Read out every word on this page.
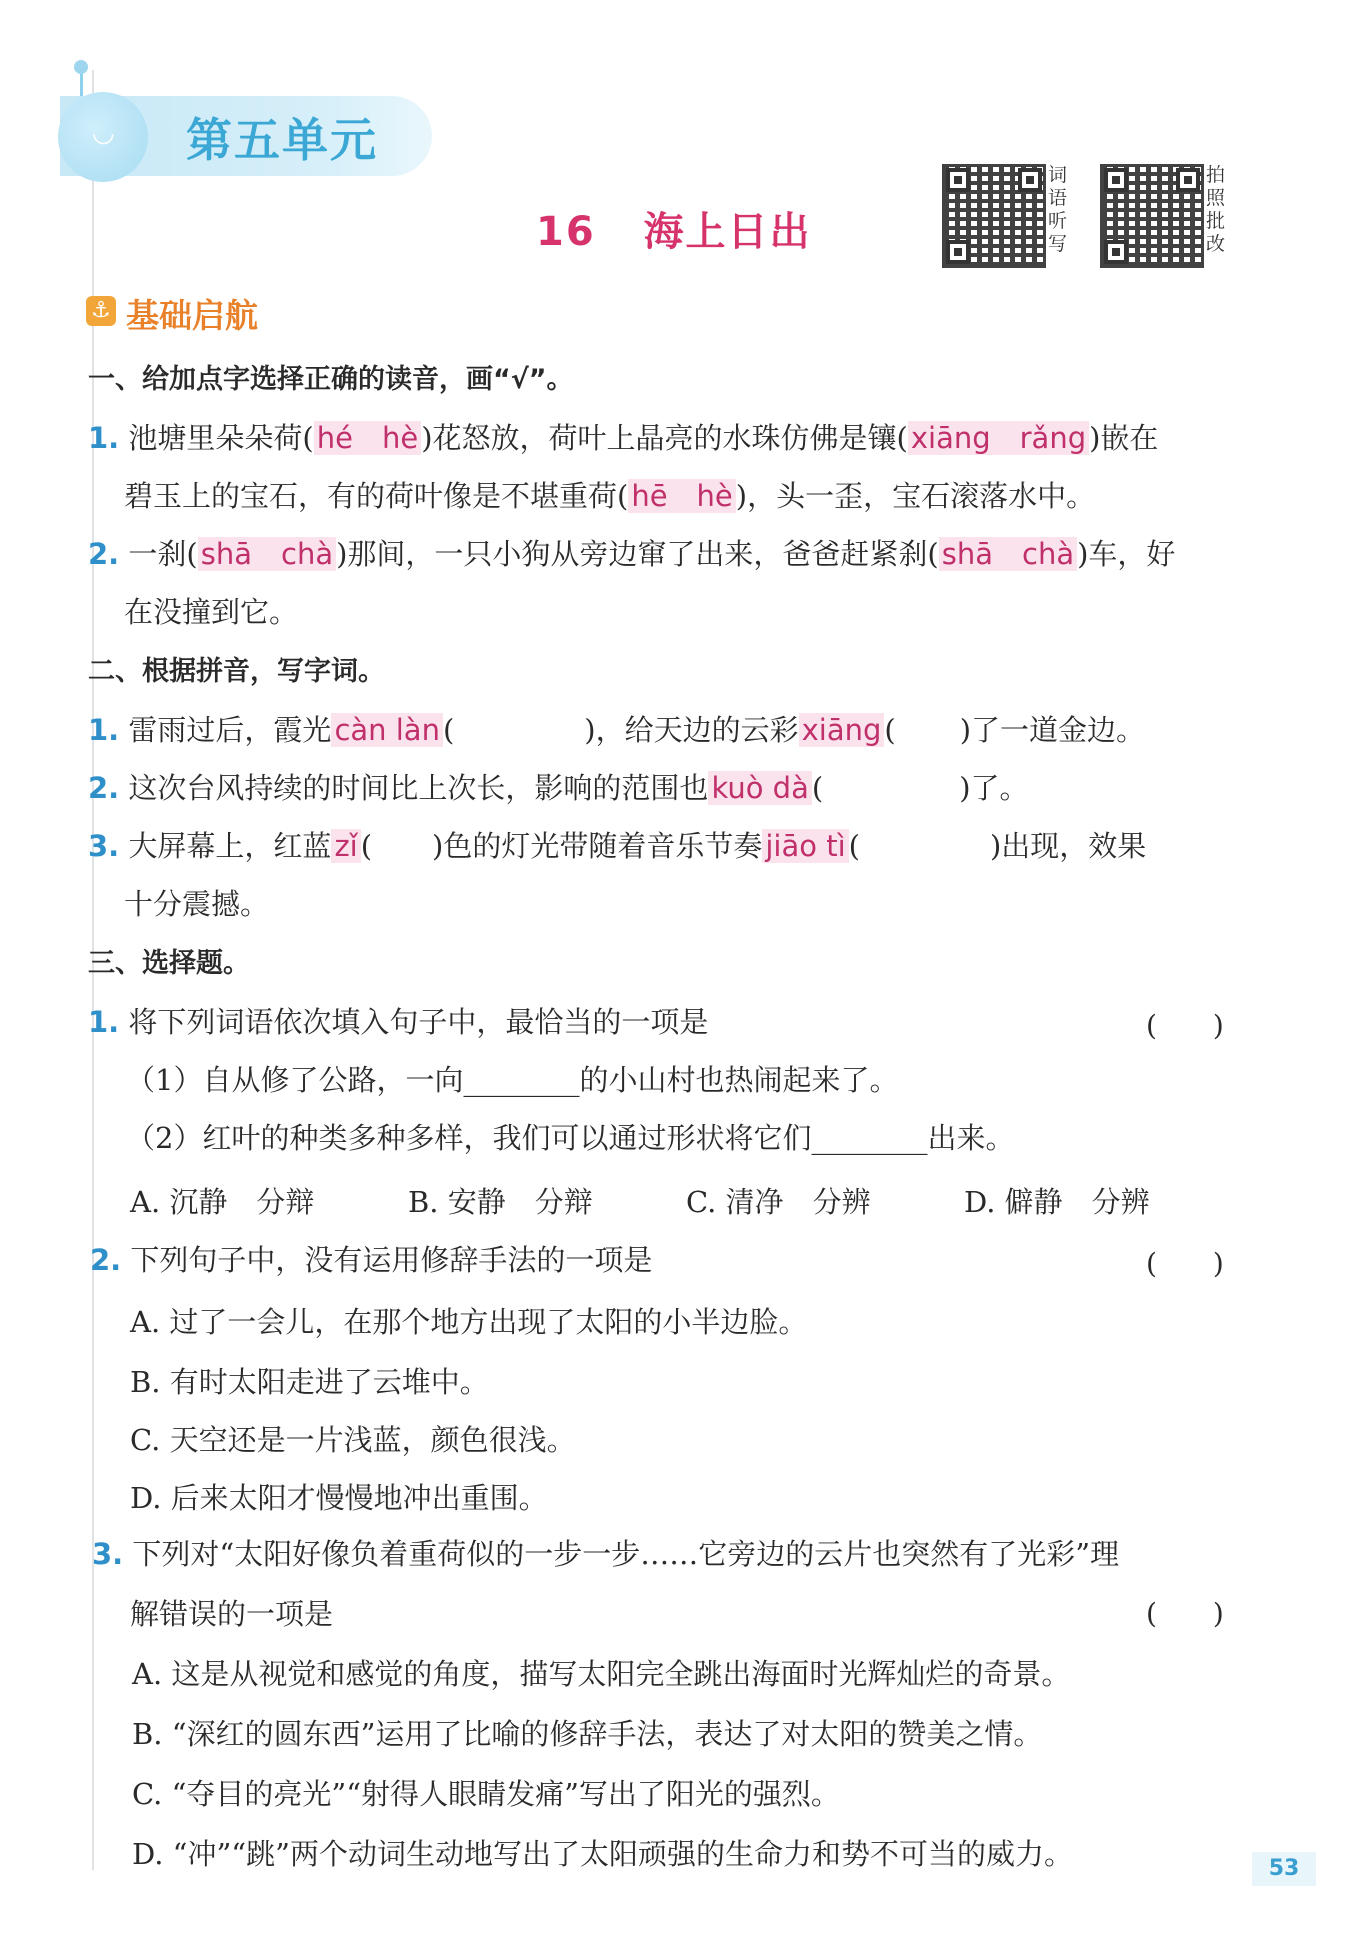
◡ 第五单元
16 海上日出
词语听写
拍照批改
⚓ 基础启航
一、给加点字选择正确的读音，画“√”。
1. 池塘里朵朵荷( hé　hè )花怒放，荷叶上晶亮的水珠仿佛是镶( xiāng　rǎng )嵌在
碧玉上的宝石，有的荷叶像是不堪重荷( hē　hè )，头一歪，宝石滚落水中。
2. 一刹( shā　chà )那间，一只小狗从旁边窜了出来，爸爸赶紧刹( shā　chà )车，好
在没撞到它。
二、根据拼音，写字词。
1. 雷雨过后，霞光 càn làn (	)，给天边的云彩 xiāng ( )了一道金边。
2. 这次台风持续的时间比上次长，影响的范围也 kuò dà (	)了。
3. 大屏幕上，红蓝 zǐ ( )色的灯光带随着音乐节奏 jiāo tì (	)出现，效果
十分震撼。
三、选择题。
1. 将下列词语依次填入句子中，最恰当的一项是	(　　)
（1）自从修了公路，一向________的小山村也热闹起来了。
（2）红叶的种类多种多样，我们可以通过形状将它们________出来。
A. 沉静　分辩	B. 安静　分辩	C. 清净　分辨	D. 僻静　分辨
2. 下列句子中，没有运用修辞手法的一项是	(　　)
A. 过了一会儿，在那个地方出现了太阳的小半边脸。
B. 有时太阳走进了云堆中。
C. 天空还是一片浅蓝，颜色很浅。
D. 后来太阳才慢慢地冲出重围。
3. 下列对“太阳好像负着重荷似的一步一步……它旁边的云片也突然有了光彩”理
解错误的一项是	(　　)
A. 这是从视觉和感觉的角度，描写太阳完全跳出海面时光辉灿烂的奇景。
B. “深红的圆东西”运用了比喻的修辞手法，表达了对太阳的赞美之情。
C. “夺目的亮光”“射得人眼睛发痛”写出了阳光的强烈。
D. “冲”“跳”两个动词生动地写出了太阳顽强的生命力和势不可当的威力。	53
